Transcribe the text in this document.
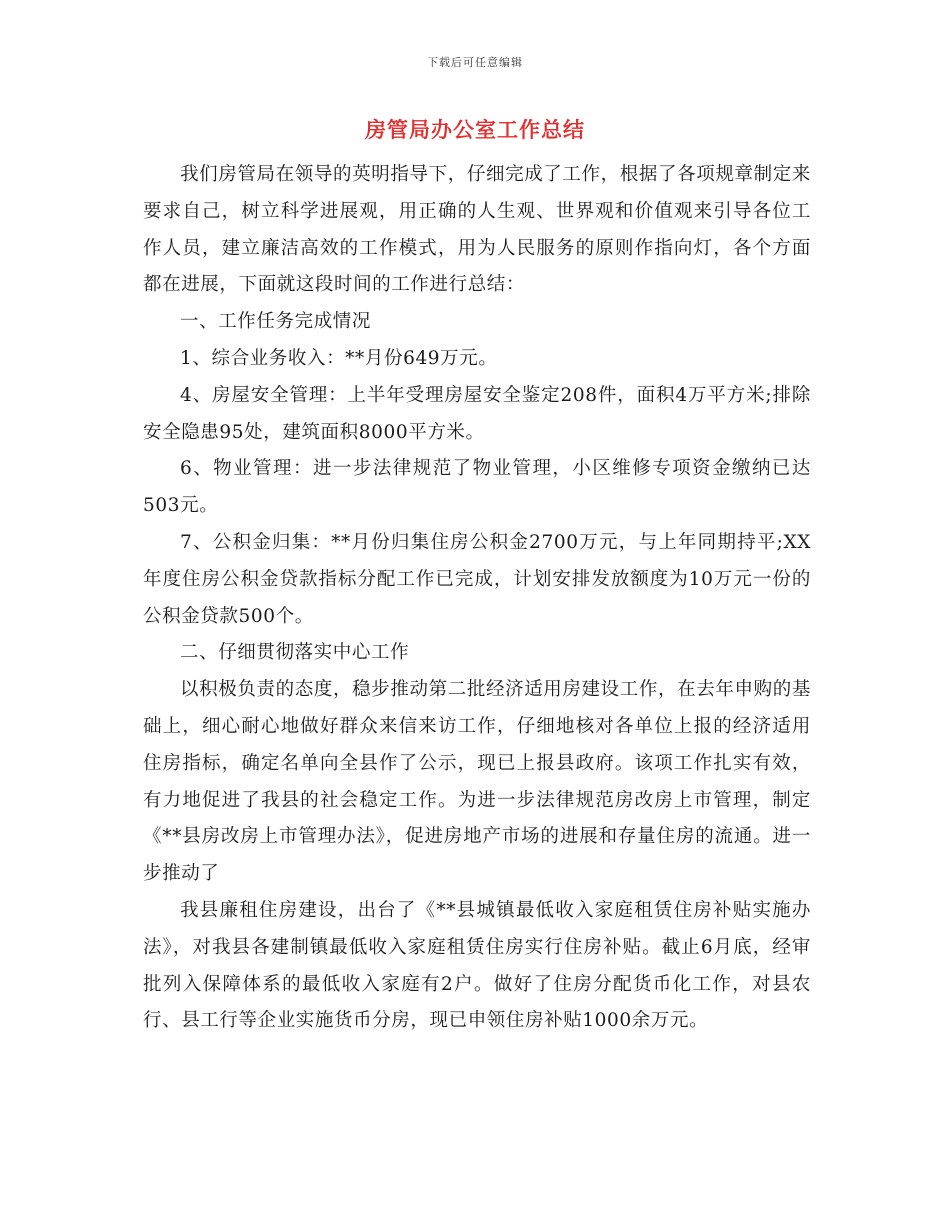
下载后可任意编辑
房管局办公室工作总结

我们房管局在领导的英明指导下，仔细完成了工作，根据了各项规章制定来要求自己，树立科学进展观，用正确的人生观、世界观和价值观来引导各位工作人员，建立廉洁高效的工作模式，用为人民服务的原则作指向灯，各个方面都在进展，下面就这段时间的工作进行总结：

一、工作任务完成情况

1、综合业务收入：**月份649万元。

4、房屋安全管理：上半年受理房屋安全鉴定208件，面积4万平方米;排除安全隐患95处，建筑面积8000平方米。

6、物业管理：进一步法律规范了物业管理，小区维修专项资金缴纳已达503元。

7、公积金归集：**月份归集住房公积金2700万元，与上年同期持平;XX年度住房公积金贷款指标分配工作已完成，计划安排发放额度为10万元一份的公积金贷款500个。

二、仔细贯彻落实中心工作

以积极负责的态度，稳步推动第二批经济适用房建设工作，在去年申购的基础上，细心耐心地做好群众来信来访工作，仔细地核对各单位上报的经济适用住房指标，确定名单向全县作了公示，现已上报县政府。该项工作扎实有效，有力地促进了我县的社会稳定工作。为进一步法律规范房改房上市管理，制定《**县房改房上市管理办法》，促进房地产市场的进展和存量住房的流通。进一步推动了

我县廉租住房建设，出台了《**县城镇最低收入家庭租赁住房补贴实施办法》，对我县各建制镇最低收入家庭租赁住房实行住房补贴。截止6月底，经审批列入保障体系的最低收入家庭有2户。做好了住房分配货币化工作，对县农行、县工行等企业实施货币分房，现已申领住房补贴1000余万元。
